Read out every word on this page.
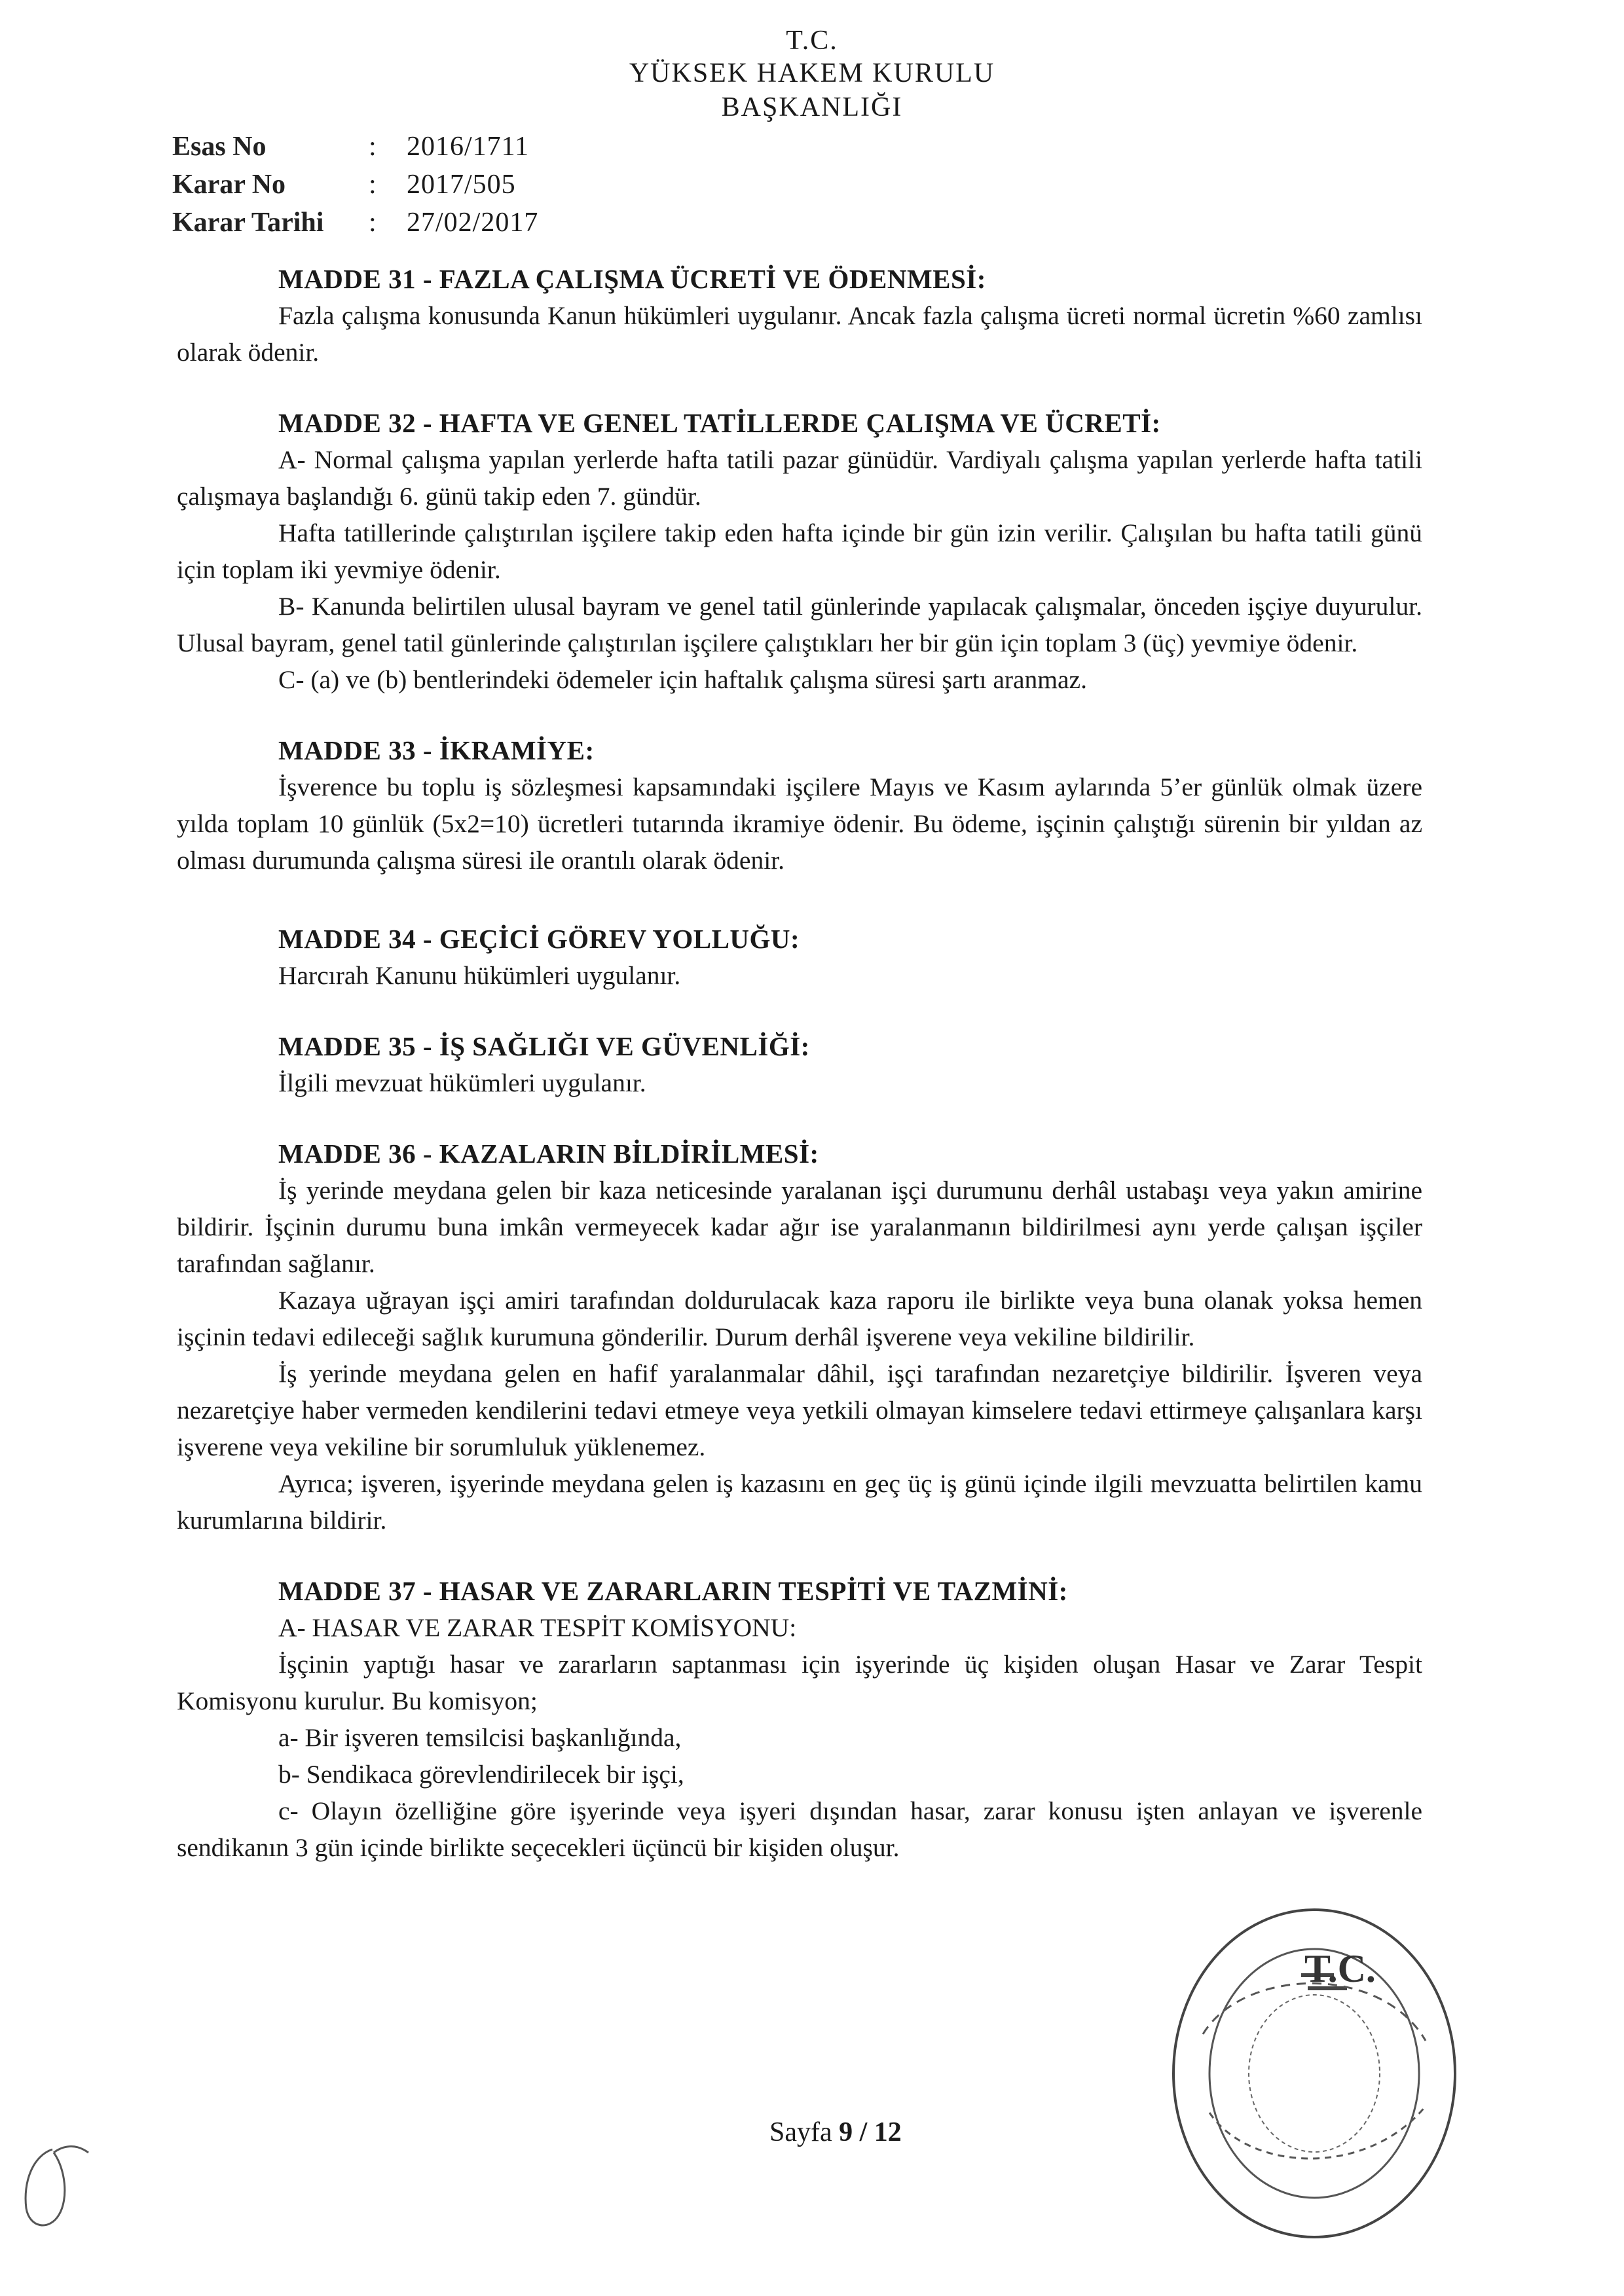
T.C.
YÜKSEK HAKEM KURULU
BAŞKANLIĞI
Esas No	:	2016/1711
Karar No	:	2017/505
Karar Tarihi	:	27/02/2017
MADDE 31 - FAZLA ÇALIŞMA ÜCRETİ VE ÖDENMESİ:

Fazla çalışma konusunda Kanun hükümleri uygulanır. Ancak fazla çalışma ücreti normal ücretin %60 zamlısı olarak ödenir.

MADDE 32 - HAFTA VE GENEL TATİLLERDE ÇALIŞMA VE ÜCRETİ:

A- Normal çalışma yapılan yerlerde hafta tatili pazar günüdür. Vardiyalı çalışma yapılan yerlerde hafta tatili çalışmaya başlandığı 6. günü takip eden 7. gündür.

Hafta tatillerinde çalıştırılan işçilere takip eden hafta içinde bir gün izin verilir. Çalışılan bu hafta tatili günü için toplam iki yevmiye ödenir.

B- Kanunda belirtilen ulusal bayram ve genel tatil günlerinde yapılacak çalışmalar, önceden işçiye duyurulur. Ulusal bayram, genel tatil günlerinde çalıştırılan işçilere çalıştıkları her bir gün için toplam 3 (üç) yevmiye ödenir.

C- (a) ve (b) bentlerindeki ödemeler için haftalık çalışma süresi şartı aranmaz.

MADDE 33 - İKRAMİYE:

İşverence bu toplu iş sözleşmesi kapsamındaki işçilere Mayıs ve Kasım aylarında 5’er günlük olmak üzere yılda toplam 10 günlük (5x2=10) ücretleri tutarında ikramiye ödenir. Bu ödeme, işçinin çalıştığı sürenin bir yıldan az olması durumunda çalışma süresi ile orantılı olarak ödenir.

MADDE 34 - GEÇİCİ GÖREV YOLLUĞU:

Harcırah Kanunu hükümleri uygulanır.

MADDE 35 - İŞ SAĞLIĞI VE GÜVENLİĞİ:

İlgili mevzuat hükümleri uygulanır.

MADDE 36 - KAZALARIN BİLDİRİLMESİ:

İş yerinde meydana gelen bir kaza neticesinde yaralanan işçi durumunu derhâl ustabaşı veya yakın amirine bildirir. İşçinin durumu buna imkân vermeyecek kadar ağır ise yaralanmanın bildirilmesi aynı yerde çalışan işçiler tarafından sağlanır.

Kazaya uğrayan işçi amiri tarafından doldurulacak kaza raporu ile birlikte veya buna olanak yoksa hemen işçinin tedavi edileceği sağlık kurumuna gönderilir. Durum derhâl işverene veya vekiline bildirilir.

İş yerinde meydana gelen en hafif yaralanmalar dâhil, işçi tarafından nezaretçiye bildirilir. İşveren veya nezaretçiye haber vermeden kendilerini tedavi etmeye veya yetkili olmayan kimselere tedavi ettirmeye çalışanlara karşı işverene veya vekiline bir sorumluluk yüklenemez.

Ayrıca; işveren, işyerinde meydana gelen iş kazasını en geç üç iş günü içinde ilgili mevzuatta belirtilen kamu kurumlarına bildirir.

MADDE 37 - HASAR VE ZARARLARIN TESPİTİ VE TAZMİNİ:

A- HASAR VE ZARAR TESPİT KOMİSYONU:

İşçinin yaptığı hasar ve zararların saptanması için işyerinde üç kişiden oluşan Hasar ve Zarar Tespit Komisyonu kurulur. Bu komisyon;

a- Bir işveren temsilcisi başkanlığında,

b- Sendikaca görevlendirilecek bir işçi,

c- Olayın özelliğine göre işyerinde veya işyeri dışından hasar, zarar konusu işten anlayan ve işverenle sendikanın 3 gün içinde birlikte seçecekleri üçüncü bir kişiden oluşur.

Sayfa 9 / 12
T.C.
